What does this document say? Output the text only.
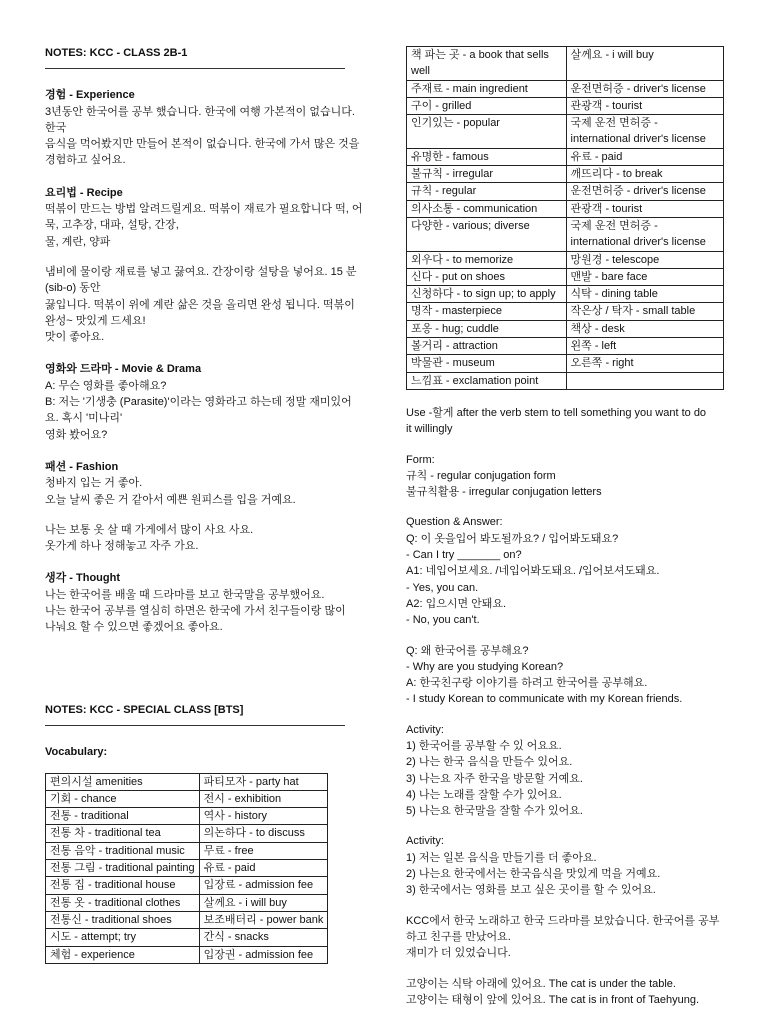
NOTES: KCC - CLASS 2B-1

경험 - Experience

3년동안 한국어를 공부 했습니다. 한국에 여행 가본적이 없습니다. 한국

음식을 먹어봤지만 만들어 본적이 없습니다. 한국에 가서 많은 것을 경험하고 싶어요.

요리법 - Recipe

떡볶이 만드는 방법 알려드릴게요. 떡볶이 재료가 필요합니다 떡, 어묵, 고추장, 대파, 설탕, 간장,

물, 계란, 양파

냄비에 물이랑 재료를 넣고 끓여요. 간장이랑 설탕을 넣어요. 15 분 (sib-o) 동안

끓입니다. 떡볶이 위에 계란 삶은 것을 올리면 완성 됩니다. 떡볶이 완성~ 맛있게 드세요!

맛이 좋아요.

영화와 드라마 - Movie & Drama

A: 무슨 영화를 좋아해요?

B: 저는 '기생충 (Parasite)'이라는 영화라고 하는데 정말 재미있어요. 혹시 '미나리'

영화 봤어요?

패션 - Fashion

청바지 입는 거 좋아.

오늘 날씨 좋은 거 같아서 예쁜 원피스를 입을 거예요.

나는 보통 옷 살 때 가게에서 많이 사요 사요.

옷가게 하나 정해놓고 자주 가요.

생각 - Thought

나는 한국어를 배울 때 드라마를 보고 한국말을 공부했어요.

나는 한국어 공부를 열심히 하면은 한국에 가서 친구들이랑 많이

나눠요 할 수 있으면 좋겠어요 좋아요.

NOTES: KCC - SPECIAL CLASS [BTS]

Vocabulary:

편의시설 amenities	파티모자 - party hat
기회 - chance	전시 - exhibition
전통 - traditional	역사 - history
전통 차 - traditional tea	의논하다 - to discuss
전통 음악 - traditional music	무료 - free
전통 그림 - traditional painting	유료 - paid
전통 집 - traditional house	입장료 - admission fee
전통 옷 - traditional clothes	살께요 - i will buy
전통신 - traditional shoes	보조배터리 - power bank
시도 - attempt; try	간식 - snacks
체험 - experience	입장권 - admission fee
책 파는 곳 - a book that sells well	살께요 - i will buy
주재료 - main ingredient	운전면허증 - driver's license
구이 - grilled	관광객 - tourist
인기있는 - popular	국제 운전 면허증 - international driver's license
유명한 - famous	유료 - paid
불규칙 - irregular	깨뜨리다 - to break
규칙 - regular	운전면허증 - driver's license
의사소통 - communication	관광객 - tourist
다양한 - various; diverse	국제 운전 면허증 - international driver's license
외우다 - to memorize	망원경 - telescope
신다 - put on shoes	맨발 - bare face
신청하다 - to sign up; to apply	식탁 - dining table
명작 - masterpiece	작은상 / 탁자 - small table
포옹 - hug; cuddle	책상 - desk
볼거리 - attraction	왼쪽 - left
박물관 - museum	오른쪽 - right
느낌표 - exclamation point	

Use -할게 after the verb stem to tell something you want to do

it willingly

Form:

규칙 - regular conjugation form

불규칙활용 - irregular conjugation letters

Question & Answer:

Q: 이 옷을입어 봐도될까요? / 입어봐도돼요?

- Can I try _______ on?

A1: 네입어보세요. /네입어봐도돼요. /입어보셔도돼요.

- Yes, you can.

A2: 입으시면 안돼요.

- No, you can't.

Q: 왜 한국어를 공부해요?

- Why are you studying Korean?

A: 한국친구랑 이야기를 하려고 한국어를 공부해요.

- I study Korean to communicate with my Korean friends.

Activity:

1) 한국어를 공부할 수 있 어요요.

2) 나는 한국 음식을 만들수 있어요.

3) 나는요 자주 한국을 방문할 거예요.

4) 나는 노래를 잘할 수가 있어요.

5) 나는요 한국말을 잘할 수가 있어요.

Activity:

1) 저는 일본 음식을 만들기를 더 좋아요.

2) 나는요 한국에서는 한국음식을 맛있게 먹을 거예요.

3) 한국에서는 영화를 보고 싶은 곳이를 할 수 있어요.

KCC에서 한국 노래하고 한국 드라마를 보았습니다. 한국어를 공부하고 친구를 만났어요.

재미가 더 있었습니다.

고양이는 식탁 아래에 있어요. The cat is under the table.

고양이는 태형이 앞에 있어요. The cat is in front of Taehyung.
